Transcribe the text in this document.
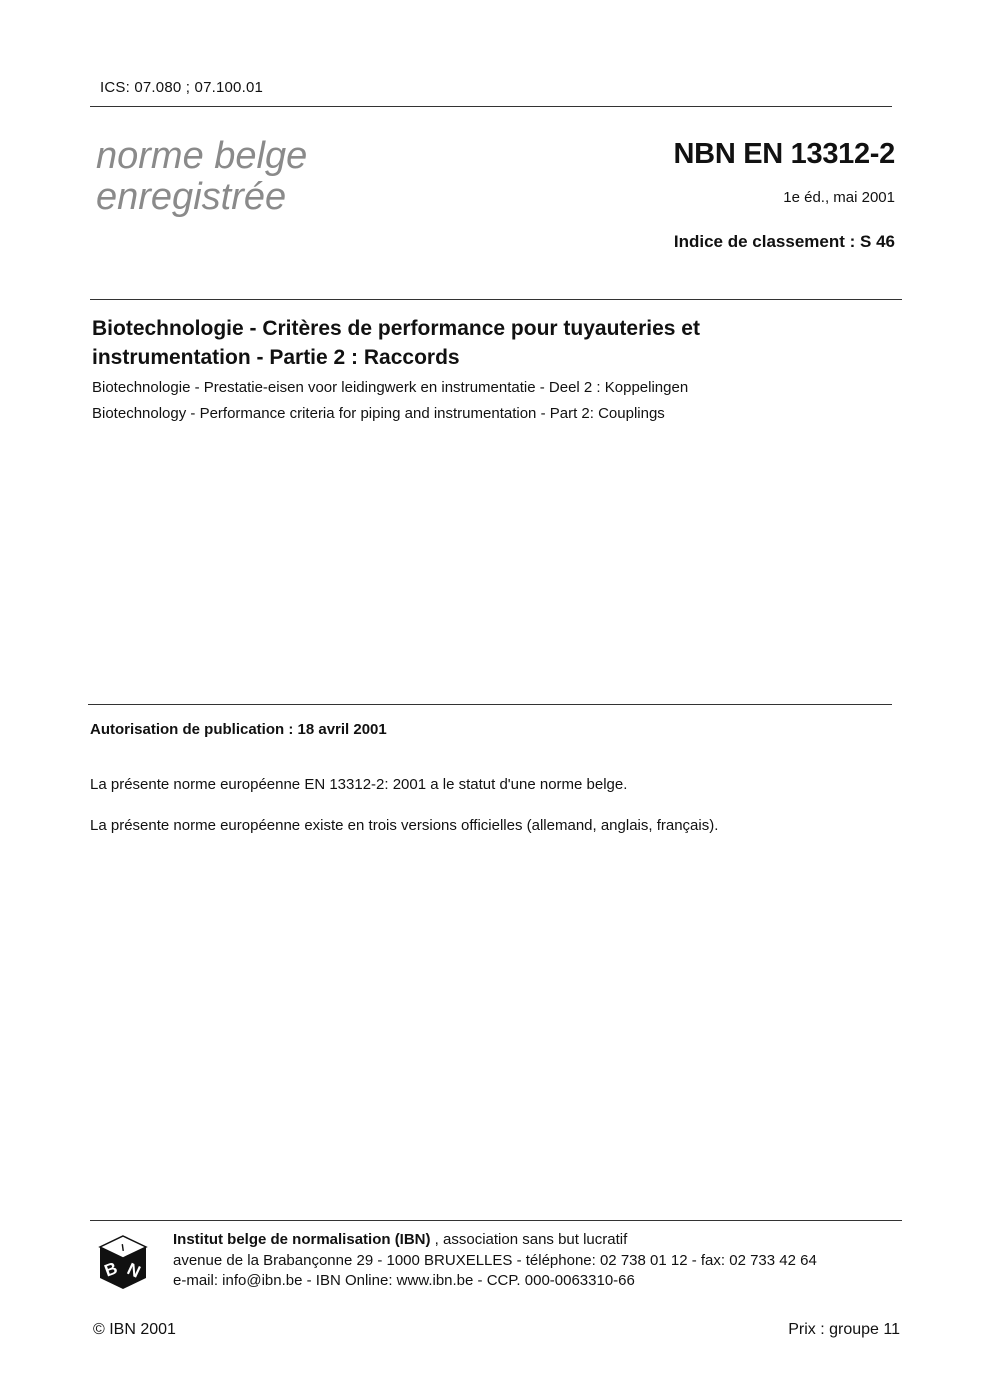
ICS: 07.080 ; 07.100.01
norme belge
enregistrée
NBN EN 13312-2
1e éd., mai 2001
Indice de classement : S 46
Biotechnologie - Critères de performance pour tuyauteries et
instrumentation - Partie 2 : Raccords
Biotechnologie - Prestatie-eisen voor leidingwerk en instrumentatie - Deel 2 : Koppelingen
Biotechnology - Performance criteria for piping and instrumentation - Part 2: Couplings
Autorisation de publication : 18 avril 2001
La présente norme européenne EN 13312-2: 2001 a le statut d'une norme belge.
La présente norme européenne existe en trois versions officielles (allemand, anglais, français).
I
B N
Institut belge de normalisation (IBN) , association sans but lucratif
avenue de la Brabançonne 29 - 1000 BRUXELLES - téléphone: 02 738 01 12 - fax: 02 733 42 64
e-mail: info@ibn.be - IBN Online: www.ibn.be - CCP. 000-0063310-66
© IBN 2001	Prix : groupe 11
